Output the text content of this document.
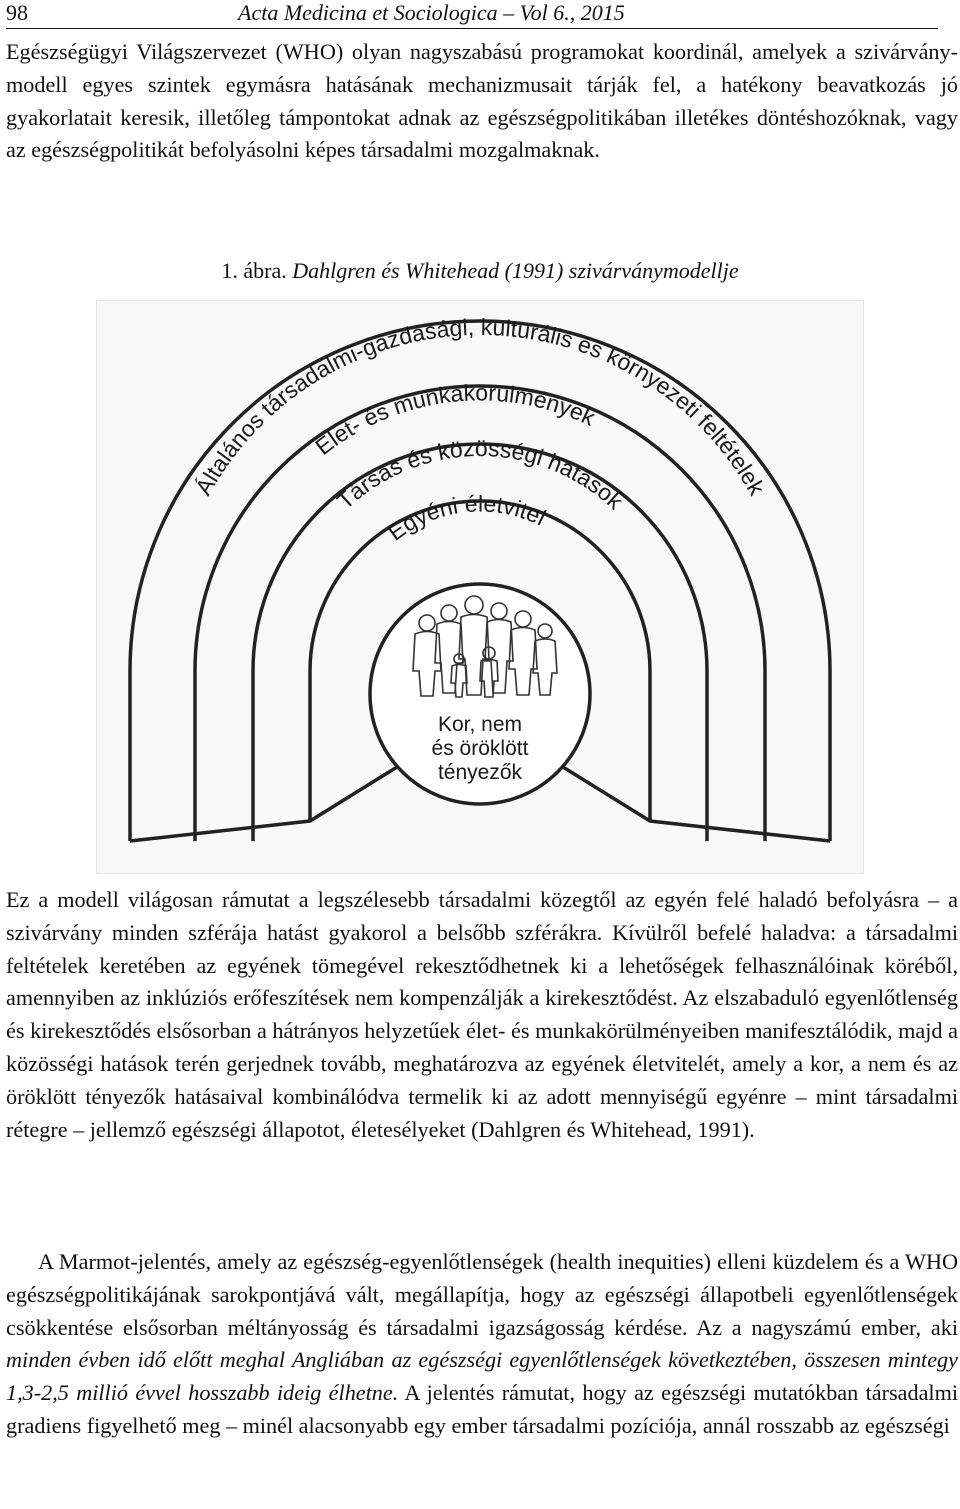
98	Acta Medicina et Sociologica – Vol 6., 2015

Egészségügyi Világszervezet (WHO) olyan nagyszabású programokat koordinál, amelyek a szivárvány-modell egyes szintek egymásra hatásának mechanizmusait tárják fel, a hatékony beavatkozás jó gyakorlatait keresik, illetőleg támpontokat adnak az egészségpolitikában illetékes döntéshozóknak, vagy az egészségpolitikát befolyásolni képes társadalmi mozgalmaknak.

1. ábra. Dahlgren és Whitehead (1991) szivárványmodellje
Általános társadalmi-gazdasági, kulturális és környezeti feltételek
Élet- és munkakörülmények
Társas és közösségi hatások
Egyéni életvitel
Kor, nem
és öröklött
tényezők

Ez a modell világosan rámutat a legszélesebb társadalmi közegtől az egyén felé haladó befolyásra – a szivárvány minden szférája hatást gyakorol a belsőbb szférákra. Kívülről befelé haladva: a társadalmi feltételek keretében az egyének tömegével rekesztődhetnek ki a lehetőségek felhasználóinak köréből, amennyiben az inklúziós erőfeszítések nem kompenzálják a kirekesztődést. Az elszabaduló egyenlőtlenség és kirekesztődés elsősorban a hátrányos helyzetűek élet- és munkakörülményeiben manifesztálódik, majd a közösségi hatások terén gerjednek tovább, meghatározva az egyének életvitelét, amely a kor, a nem és az öröklött tényezők hatásaival kombinálódva termelik ki az adott mennyiségű egyénre – mint társadalmi rétegre – jellemző egészségi állapotot, életesélyeket (Dahlgren és Whitehead, 1991).

A Marmot-jelentés, amely az egészség-egyenlőtlenségek (health inequities) elleni küzdelem és a WHO egészségpolitikájának sarokpontjává vált, megállapítja, hogy az egészségi állapotbeli egyenlőtlenségek csökkentése elsősorban méltányosság és társadalmi igazságosság kérdése. Az a nagyszámú ember, aki minden évben idő előtt meghal Angliában az egészségi egyenlőtlenségek következtében, összesen mintegy 1,3-2,5 millió évvel hosszabb ideig élhetne. A jelentés rámutat, hogy az egészségi mutatókban társadalmi gradiens figyelhető meg – minél alacsonyabb egy ember társadalmi pozíciója, annál rosszabb az egészségi
